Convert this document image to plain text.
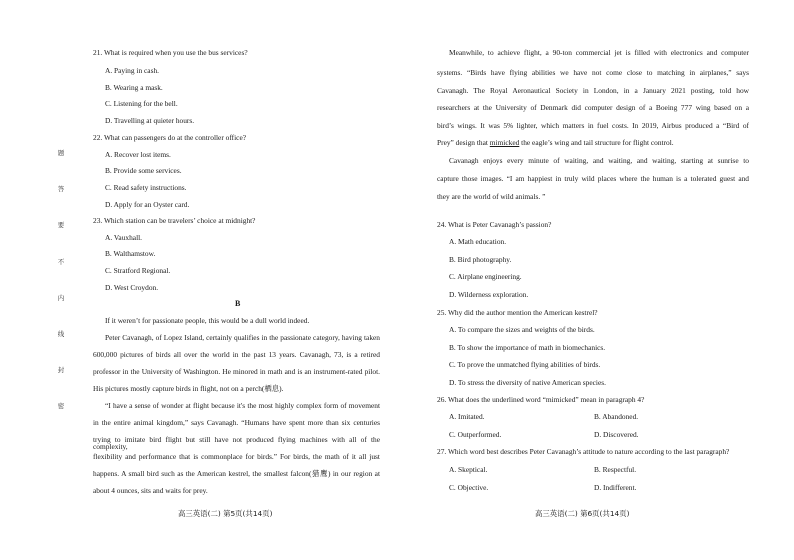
题
答
要
不
内
线
封
密
21. What is required when you use the bus services?
A. Paying in cash.
B. Wearing a mask.
C. Listening for the bell.
D. Travelling at quieter hours.
22. What can passengers do at the controller office?
A. Recover lost items.
B. Provide some services.
C. Read safety instructions.
D. Apply for an Oyster card.
23. Which station can be travelers’ choice at midnight?
A. Vauxhall.
B. Walthamstow.
C. Stratford Regional.
D. West Croydon.
B
If it weren’t for passionate people, this would be a dull world indeed.
Peter Cavanagh, of Lopez Island, certainly qualifies in the passionate category, having taken
600,000 pictures of birds all over the world in the past 13 years. Cavanagh, 73, is a retired
professor in the University of Washington. He minored in math and is an instrument-rated pilot.
His pictures mostly capture birds in flight, not on a perch(栖息).
“I have a sense of wonder at flight because it's the most highly complex form of movement
in the entire animal kingdom,” says Cavanagh. “Humans have spent more than six centuries
trying to imitate bird flight but still have not produced flying machines with all of the complexity,
flexibility and performance that is commonplace for birds.” For birds, the math of it all just
happens. A small bird such as the American kestrel, the smallest falcon(猎鹰) in our region at
about 4 ounces, sits and waits for prey.
高三英语(二) 第5页(共14页)
Meanwhile, to achieve flight, a 90-ton commercial jet is filled with electronics and computer
systems. “Birds have flying abilities we have not come close to matching in airplanes,” says
Cavanagh. The Royal Aeronautical Society in London, in a January 2021 posting, told how
researchers at the University of Denmark did computer design of a Boeing 777 wing based on a
bird’s wings. It was 5% lighter, which matters in fuel costs. In 2019, Airbus produced a “Bird of
Prey” design that mimicked the eagle’s wing and tail structure for flight control.
Cavanagh enjoys every minute of waiting, and waiting, and waiting, starting at sunrise to
capture those images. “I am happiest in truly wild places where the human is a tolerated guest and
they are the world of wild animals. ”
24. What is Peter Cavanagh’s passion?
A. Math education.
B. Bird photography.
C. Airplane engineering.
D. Wilderness exploration.
25. Why did the author mention the American kestrel?
A. To compare the sizes and weights of the birds.
B. To show the importance of math in biomechanics.
C. To prove the unmatched flying abilities of birds.
D. To stress the diversity of native American species.
26. What does the underlined word “mimicked” mean in paragraph 4?
A. Imitated.	B. Abandoned.
C. Outperformed.	D. Discovered.
27. Which word best describes Peter Cavanagh’s attitude to nature according to the last paragraph?
A. Skeptical.	B. Respectful.
C. Objective.	D. Indifferent.
高三英语(二) 第6页(共14页)
